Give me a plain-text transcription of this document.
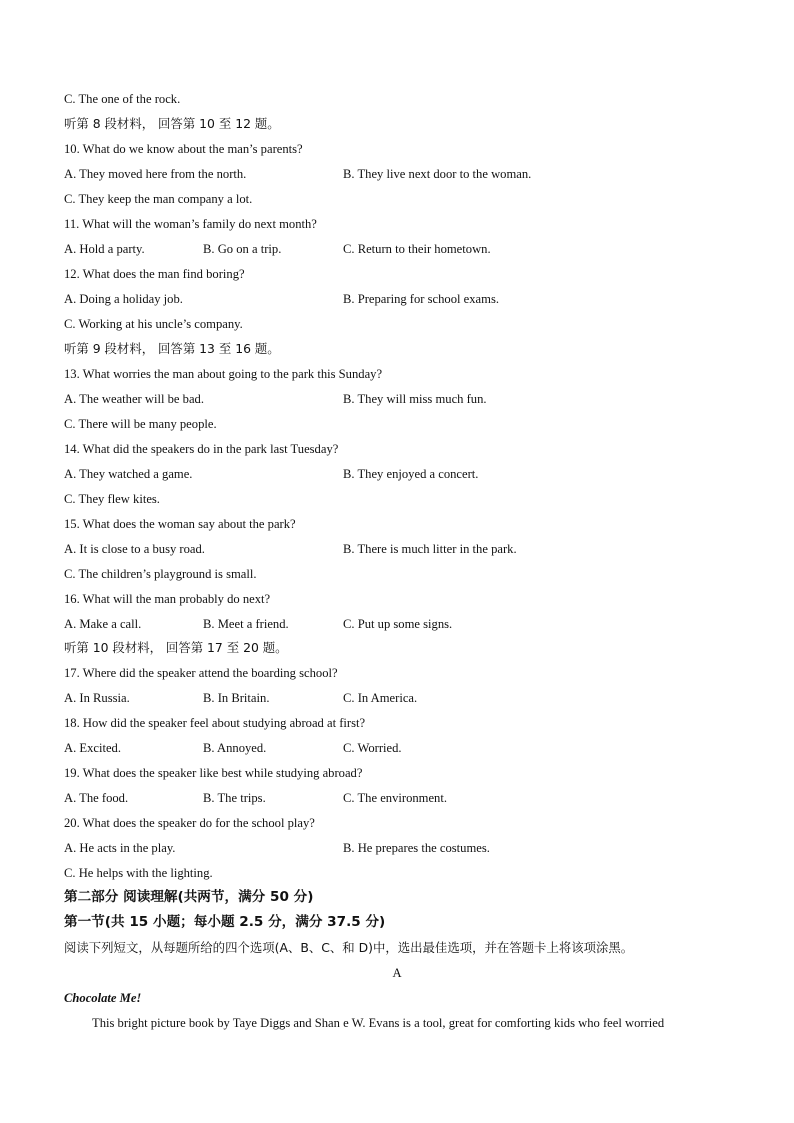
C. The one of the rock.
听第 8 段材料， 回答第 10 至 12 题。
10. What do we know about the man’s parents?
A. They moved here from the north.	B. They live next door to the woman.
C. They keep the man company a lot.
11. What will the woman’s family do next month?
A. Hold a party.	B. Go on a trip.	C. Return to their hometown.
12. What does the man find boring?
A. Doing a holiday job.	B. Preparing for school exams.
C. Working at his uncle’s company.
听第 9 段材料， 回答第 13 至 16 题。
13. What worries the man about going to the park this Sunday?
A. The weather will be bad.	B. They will miss much fun.
C. There will be many people.
14. What did the speakers do in the park last Tuesday?
A. They watched a game.	B. They enjoyed a concert.
C. They flew kites.
15. What does the woman say about the park?
A. It is close to a busy road.	B. There is much litter in the park.
C. The children’s playground is small.
16. What will the man probably do next?
A. Make a call.	B. Meet a friend.	C. Put up some signs.
听第 10 段材料， 回答第 17 至 20 题。
17. Where did the speaker attend the boarding school?
A. In Russia.	B. In Britain.	C. In America.
18. How did the speaker feel about studying abroad at first?
A. Excited.	B. Annoyed.	C. Worried.
19. What does the speaker like best while studying abroad?
A. The food.	B. The trips.	C. The environment.
20. What does the speaker do for the school play?
A. He acts in the play.	B. He prepares the costumes.
C. He helps with the lighting.
第二部分 阅读理解(共两节，满分 50 分)
第一节(共 15 小题；每小题 2.5 分，满分 37.5 分)
阅读下列短文，从每题所给的四个选项(A、B、C、和 D)中，选出最佳选项，并在答题卡上将该项涂黑。
A
Chocolate Me!
This bright picture book by Taye Diggs and Shan e W. Evans is a tool, great for comforting kids who feel worried
